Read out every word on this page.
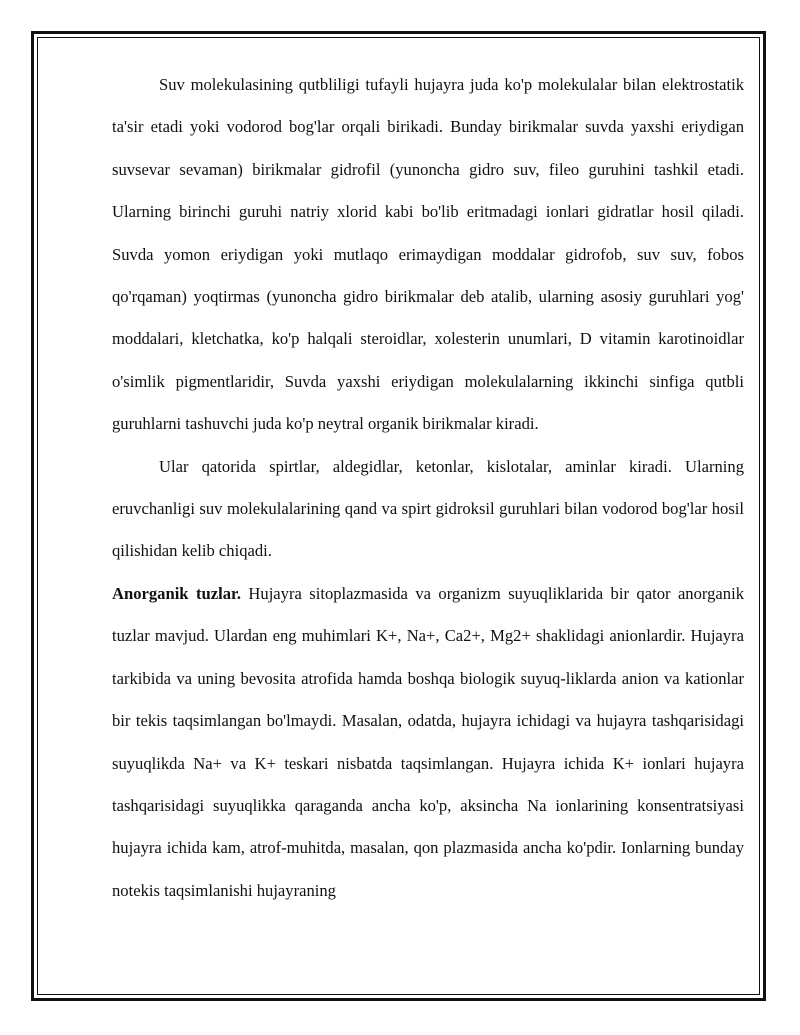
Suv molekulasining qutbliligi tufayli hujayra juda ko'p molekulalar bilan elektrostatik ta'sir etadi yoki vodorod bog'lar orqali birikadi. Bunday birikmalar suvda yaxshi eriydigan suvsevar sevaman) birikmalar gidrofil (yunoncha gidro suv, fileo guruhini tashkil etadi. Ularning birinchi guruhi natriy xlorid kabi bo'lib eritmadagi ionlari gidratlar hosil qiladi. Suvda yomon eriydigan yoki mutlaqo erimaydigan moddalar gidrofob, suv suv, fobos qo'rqaman) yoqtirmas (yunoncha gidro birikmalar deb atalib, ularning asosiy guruhlari yog' moddalari, kletchatka, ko'p halqali steroidlar, xolesterin unumlari, D vitamin karotinoidlar o'simlik pigmentlaridir, Suvda yaxshi eriydigan molekulalarning ikkinchi sinfiga qutbli guruhlarni tashuvchi juda ko'p neytral organik birikmalar kiradi.

Ular qatorida spirtlar, aldegidlar, ketonlar, kislotalar, aminlar kiradi. Ularning eruvchanligi suv molekulalarining qand va spirt gidroksil guruhlari bilan vodorod bog'lar hosil qilishidan kelib chiqadi.

Anorganik tuzlar. Hujayra sitoplazmasida va organizm suyuqliklarida bir qator anorganik tuzlar mavjud. Ulardan eng muhimlari K+, Na+, Ca2+, Mg2+ shaklidagi anionlardir. Hujayra tarkibida va uning bevosita atrofida hamda boshqa biologik suyuq-liklarda anion va kationlar bir tekis taqsimlangan bo'lmaydi. Masalan, odatda, hujayra ichidagi va hujayra tashqarisidagi suyuqlikda Na+ va K+ teskari nisbatda taqsimlangan. Hujayra ichida K+ ionlari hujayra tashqarisidagi suyuqlikka qaraganda ancha ko'p, aksincha Na ionlarining konsentratsiyasi hujayra ichida kam, atrof-muhitda, masalan, qon plazmasida ancha ko'pdir. Ionlarning bunday notekis taqsimlanishi hujayraning
